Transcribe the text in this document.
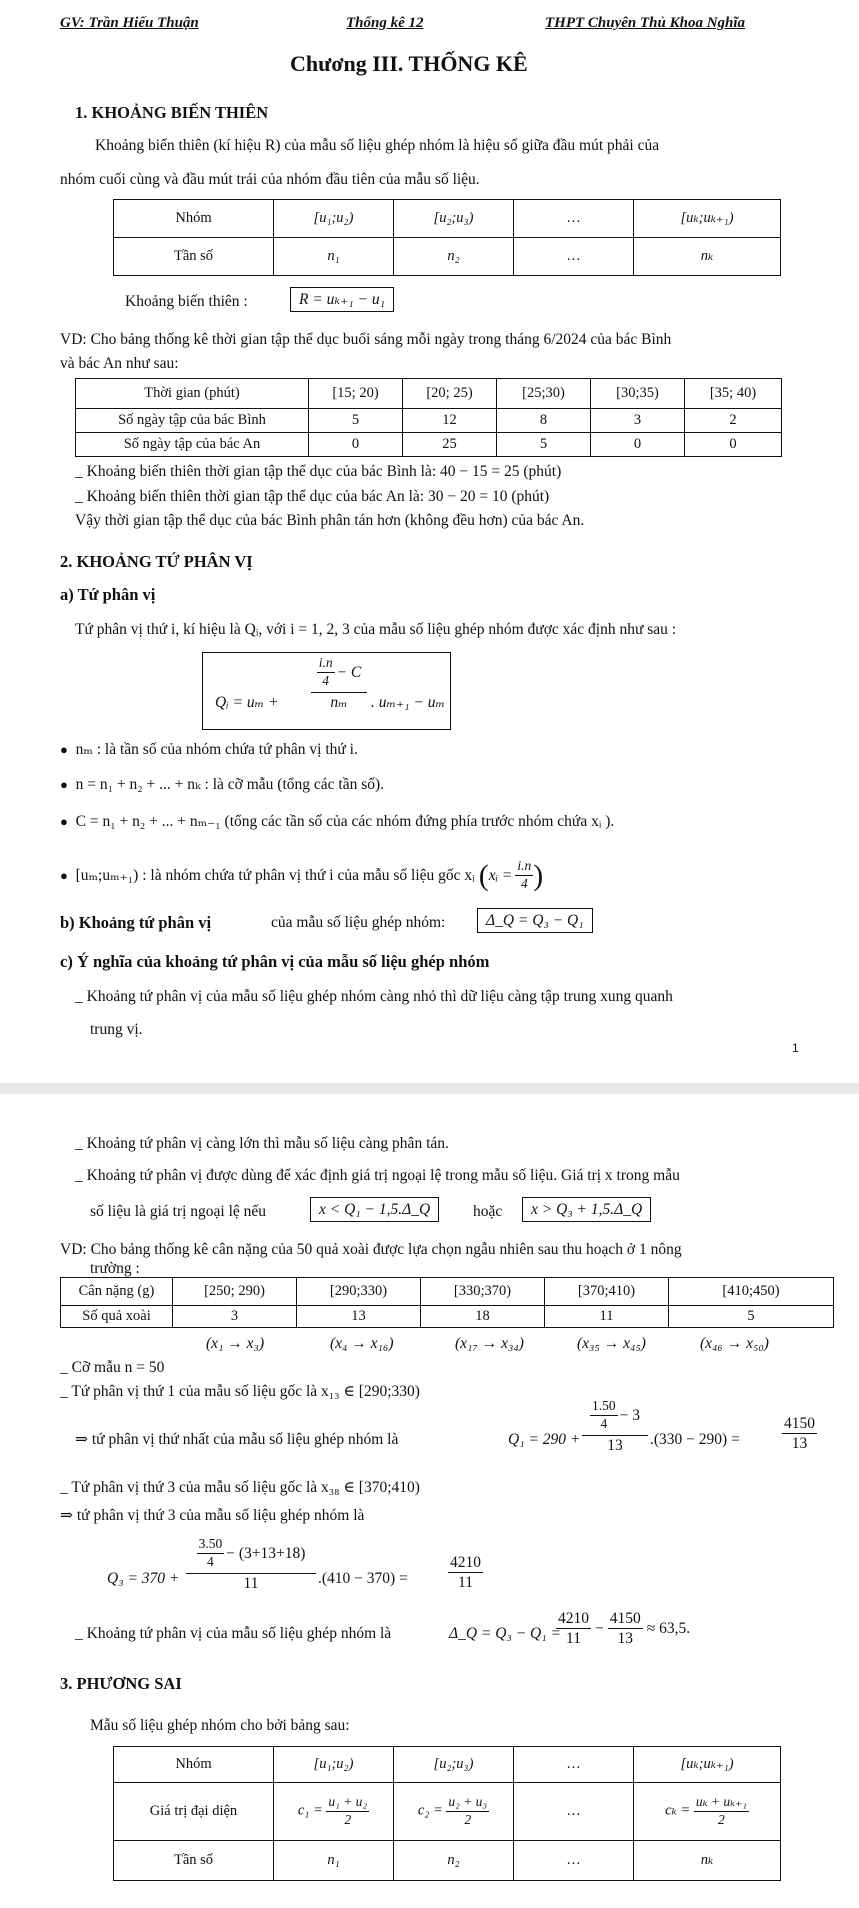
GV: Trần Hiếu Thuận	Thống kê 12	THPT Chuyên Thủ Khoa Nghĩa
Chương III. THỐNG KÊ
1. KHOẢNG BIẾN THIÊN
Khoảng biến thiên (kí hiệu R) của mẫu số liệu ghép nhóm là hiệu số giữa đầu mút phải của
nhóm cuối cùng và đầu mút trái của nhóm đầu tiên của mẫu số liệu.
Nhóm	[u₁;u₂)	[u₂;u₃)	…	[uₖ;uₖ₊₁)
Tần số	n₁	n₂	…	nₖ
Khoảng biến thiên :	R = uₖ₊₁ − u₁
VD: Cho bảng thống kê thời gian tập thể dục buổi sáng mỗi ngày trong tháng 6/2024 của bác Bình
và bác An như sau:
Thời gian (phút)	[15; 20)	[20; 25)	[25;30)	[30;35)	[35; 40)
Số ngày tập của bác Bình	5	12	8	3	2
Số ngày tập của bác An	0	25	5	0	0
_ Khoảng biến thiên thời gian tập thể dục của bác Bình là: 40 − 15 = 25 (phút)
_ Khoảng biến thiên thời gian tập thể dục của bác An là: 30 − 20 = 10 (phút)
Vậy thời gian tập thể dục của bác Bình phân tán hơn (không đều hơn) của bác An.
2. KHOẢNG TỨ PHÂN VỊ
a) Tứ phân vị
Tứ phân vị thứ i, kí hiệu là Qᵢ, với i = 1, 2, 3 của mẫu số liệu ghép nhóm được xác định như sau :
Qᵢ = uₘ +
$\frac{i.n}{4} - C$
nₘ	. uₘ₊₁ − uₘ
● nₘ : là tần số của nhóm chứa tứ phân vị thứ i.
● n = n₁ + n₂ + ... + nₖ : là cỡ mẫu (tổng các tần số).
● C = n₁ + n₂ + ... + nₘ₋₁ (tổng các tần số của các nhóm đứng phía trước nhóm chứa xᵢ ).
●
[uₘ;uₘ₊₁) : là nhóm chứa tứ phân vị thứ i của mẫu số liệu gốc xᵢ ( xᵢ = $\frac{i.n}{4}$ )
b) Khoảng tứ phân vị	của mẫu số liệu ghép nhóm:	Δ_Q = Q₃ − Q₁
c) Ý nghĩa của khoảng tứ phân vị của mẫu số liệu ghép nhóm
_ Khoảng tứ phân vị của mẫu số liệu ghép nhóm càng nhỏ thì dữ liệu càng tập trung xung quanh
trung vị.
1
_ Khoảng tứ phân vị càng lớn thì mẫu số liệu càng phân tán.
_ Khoảng tứ phân vị được dùng để xác định giá trị ngoại lệ trong mẫu số liệu. Giá trị x trong mẫu
số liệu là giá trị ngoại lệ nếu	x < Q₁ − 1,5.Δ_Q	hoặc	x > Q₃ + 1,5.Δ_Q
VD: Cho bảng thống kê cân nặng của 50 quả xoài được lựa chọn ngẫu nhiên sau thu hoạch ở 1 nông
trường :
Cân nặng (g)	[250; 290)	[290;330)	[330;370)	[370;410)	[410;450)
Số quả xoài	3	13	18	11	5
(x₁ → x₃)	(x₄ → x₁₆)	(x₁₇ → x₃₄)	(x₃₅ → x₄₅)	(x₄₆ → x₅₀)
_ Cỡ mẫu n = 50
_ Tứ phân vị thứ 1 của mẫu số liệu gốc là x₁₃ ∈ [290;330)
⇒ tứ phân vị thứ nhất của mẫu số liệu ghép nhóm là	Q₁ = 290 +
$\frac{1.50}{4} - 3$
13	.(330 − 290) =	$\frac{4150}{13}$
_ Tứ phân vị thứ 3 của mẫu số liệu gốc là x₃₈ ∈ [370;410)
⇒ tứ phân vị thứ 3 của mẫu số liệu ghép nhóm là
Q₃ = 370 +
$\frac{3.50}{4} - (3+13+18)$
11	.(410 − 370) =	$\frac{4210}{11}$
_ Khoảng tứ phân vị của mẫu số liệu ghép nhóm là	Δ_Q = Q₃ − Q₁ =
$\frac{4210}{11} - \frac{4150}{13} \approx 63,5$.
3. PHƯƠNG SAI
Mẫu số liệu ghép nhóm cho bởi bảng sau:
Nhóm	[u₁;u₂)	[u₂;u₃)	…	[uₖ;uₖ₊₁)
Giá trị đại diện	$c_1 = \frac{\text{u₁ + u₂}}{2}$	$c_2 = \frac{\text{u₂ + u₃}}{2}$	…	$c_k = \frac{\text{uₖ + uₖ₊₁}}{2}$

Tần số	n₁	n₂	…	nₖ
